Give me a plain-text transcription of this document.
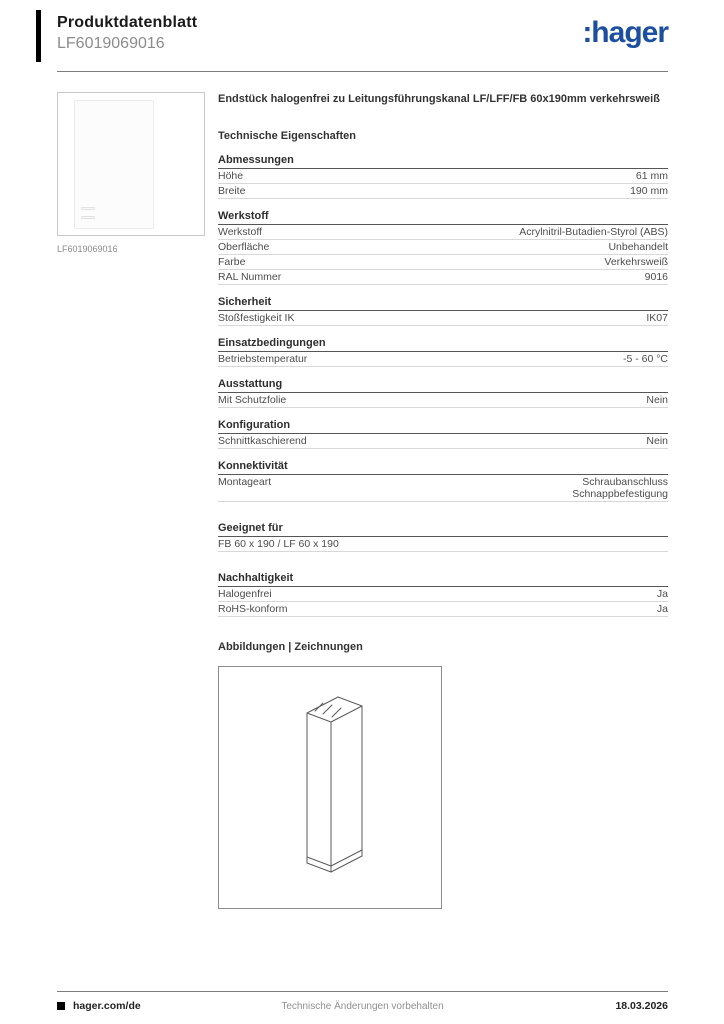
Produktdatenblatt
LF6019069016	:hager
LF6019069016
Endstück halogenfrei zu Leitungsführungskanal LF/LFF/FB 60x190mm verkehrsweiß
Technische Eigenschaften
Abmessungen
Höhe	61 mm
Breite	190 mm
Werkstoff
Werkstoff	Acrylnitril-Butadien-Styrol (ABS)
Oberfläche	Unbehandelt
Farbe	Verkehrsweiß
RAL Nummer	9016
Sicherheit
Stoßfestigkeit IK	IK07
Einsatzbedingungen
Betriebstemperatur	-5 - 60 °C
Ausstattung
Mit Schutzfolie	Nein
Konfiguration
Schnittkaschierend	Nein
Konnektivität
Montageart	Schraubanschluss
Schnappbefestigung
Geeignet für
FB 60 x 190 / LF 60 x 190
Nachhaltigkeit
Halogenfrei	Ja
RoHS-konform	Ja
Abbildungen | Zeichnungen
hager.com/de	Technische Änderungen vorbehalten	18.03.2026
